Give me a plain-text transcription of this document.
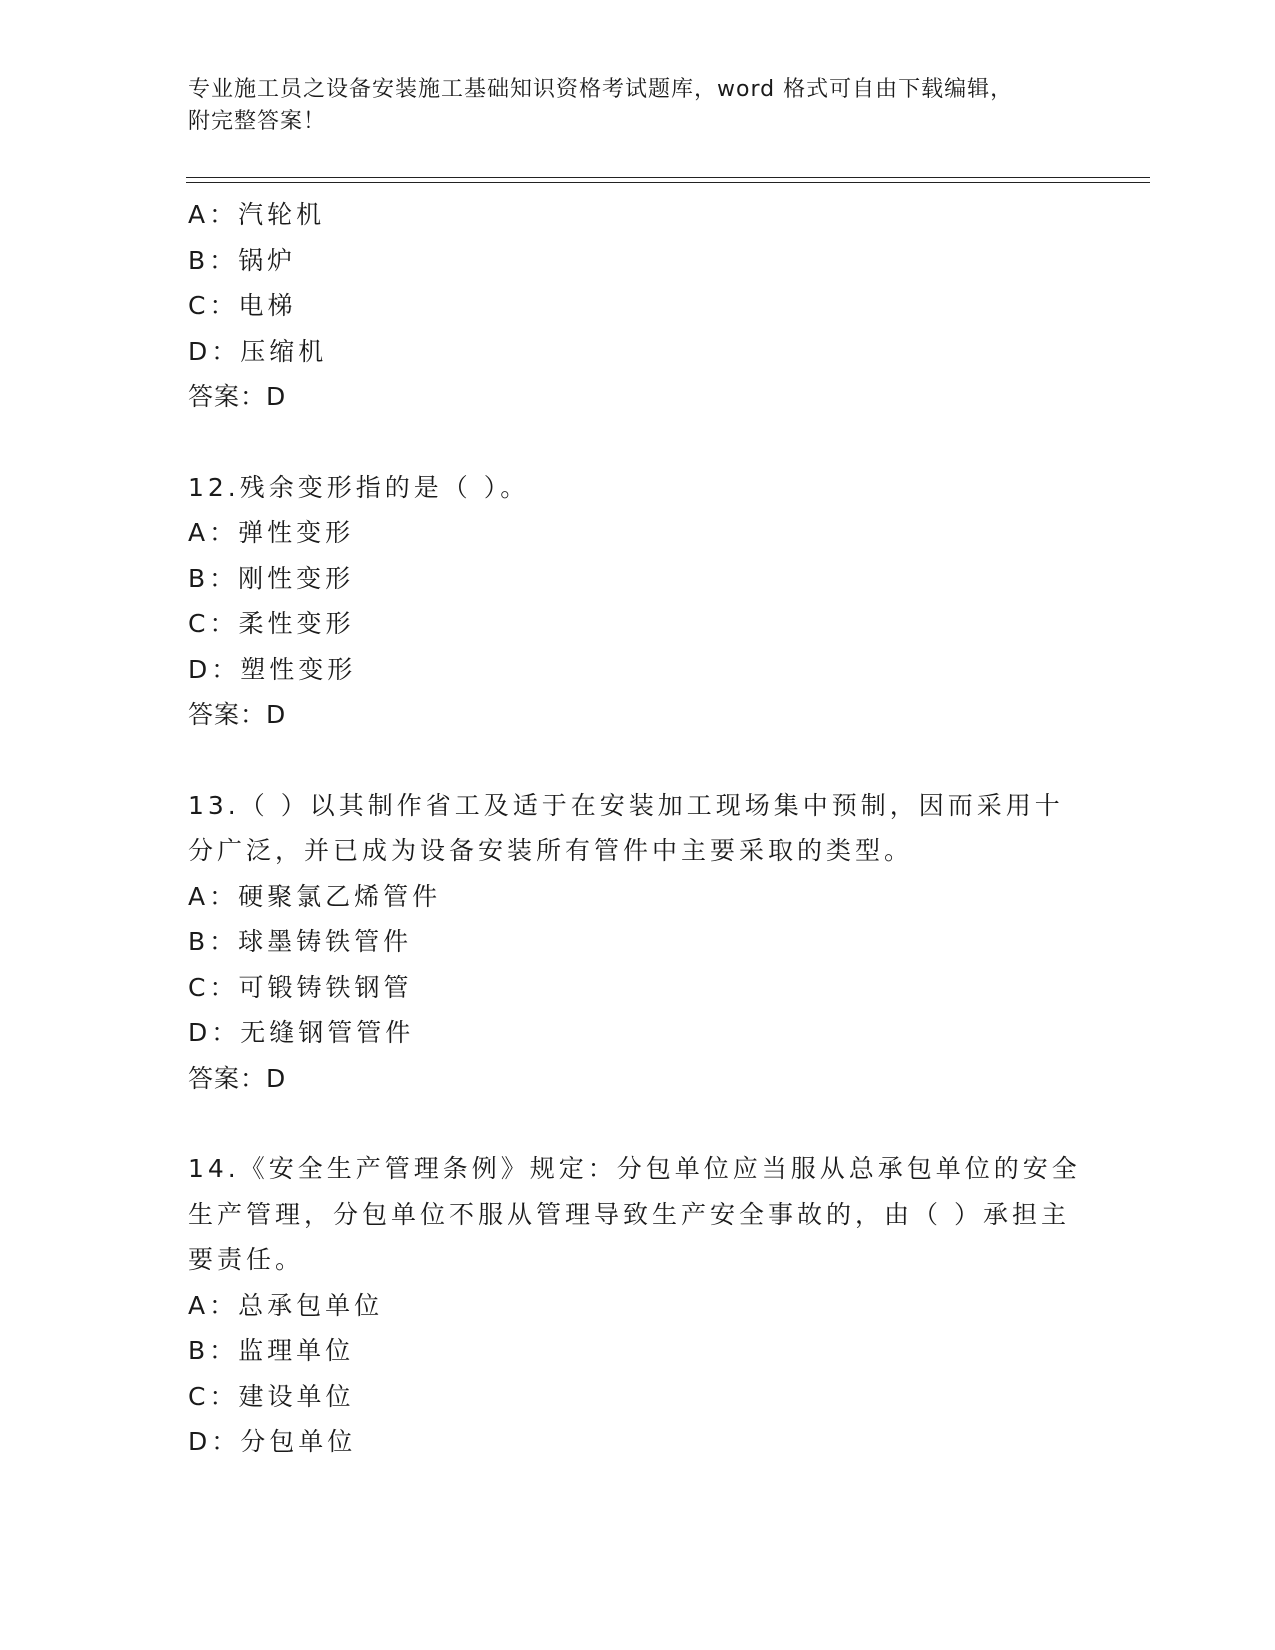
专业施工员之设备安装施工基础知识资格考试题库，word 格式可自由下载编辑，
附完整答案！
A：汽轮机
B：锅炉
C：电梯
D：压缩机
答案：D
12.残余变形指的是（ ）。
A：弹性变形
B：刚性变形
C：柔性变形
D：塑性变形
答案：D
13.（ ）以其制作省工及适于在安装加工现场集中预制，因而采用十
分广泛，并已成为设备安装所有管件中主要采取的类型。
A：硬聚氯乙烯管件
B：球墨铸铁管件
C：可锻铸铁钢管
D：无缝钢管管件
答案：D
14.《安全生产管理条例》规定：分包单位应当服从总承包单位的安全
生产管理，分包单位不服从管理导致生产安全事故的，由（ ）承担主
要责任。
A：总承包单位
B：监理单位
C：建设单位
D：分包单位
